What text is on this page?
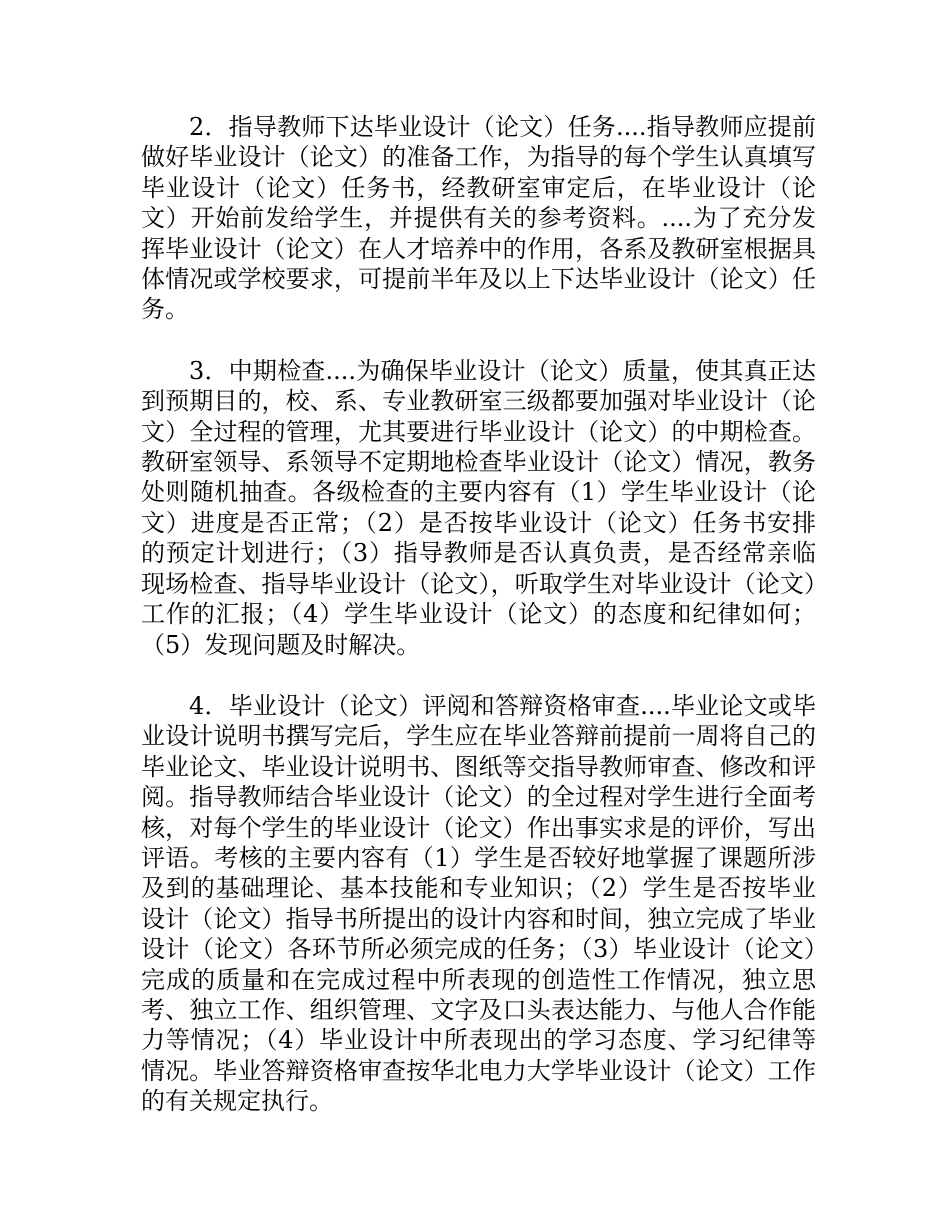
2．指导教师下达毕业设计（论文）任务....指导教师应提前做好毕业设计（论文）的准备工作，为指导的每个学生认真填写毕业设计（论文）任务书，经教研室审定后，在毕业设计（论文）开始前发给学生，并提供有关的参考资料。....为了充分发挥毕业设计（论文）在人才培养中的作用，各系及教研室根据具体情况或学校要求，可提前半年及以上下达毕业设计（论文）任务。

3．中期检查....为确保毕业设计（论文）质量，使其真正达到预期目的，校、系、专业教研室三级都要加强对毕业设计（论文）全过程的管理，尤其要进行毕业设计（论文）的中期检查。教研室领导、系领导不定期地检查毕业设计（论文）情况，教务处则随机抽查。各级检查的主要内容有（1）学生毕业设计（论文）进度是否正常；（2）是否按毕业设计（论文）任务书安排的预定计划进行；（3）指导教师是否认真负责，是否经常亲临现场检查、指导毕业设计（论文），听取学生对毕业设计（论文）工作的汇报；（4）学生毕业设计（论文）的态度和纪律如何；（5）发现问题及时解决。

4．毕业设计（论文）评阅和答辩资格审查....毕业论文或毕业设计说明书撰写完后，学生应在毕业答辩前提前一周将自己的毕业论文、毕业设计说明书、图纸等交指导教师审查、修改和评阅。指导教师结合毕业设计（论文）的全过程对学生进行全面考核，对每个学生的毕业设计（论文）作出事实求是的评价，写出评语。考核的主要内容有（1）学生是否较好地掌握了课题所涉及到的基础理论、基本技能和专业知识；（2）学生是否按毕业设计（论文）指导书所提出的设计内容和时间，独立完成了毕业设计（论文）各环节所必须完成的任务；（3）毕业设计（论文）完成的质量和在完成过程中所表现的创造性工作情况，独立思考、独立工作、组织管理、文字及口头表达能力、与他人合作能力等情况；（4）毕业设计中所表现出的学习态度、学习纪律等情况。毕业答辩资格审查按华北电力大学毕业设计（论文）工作的有关规定执行。
